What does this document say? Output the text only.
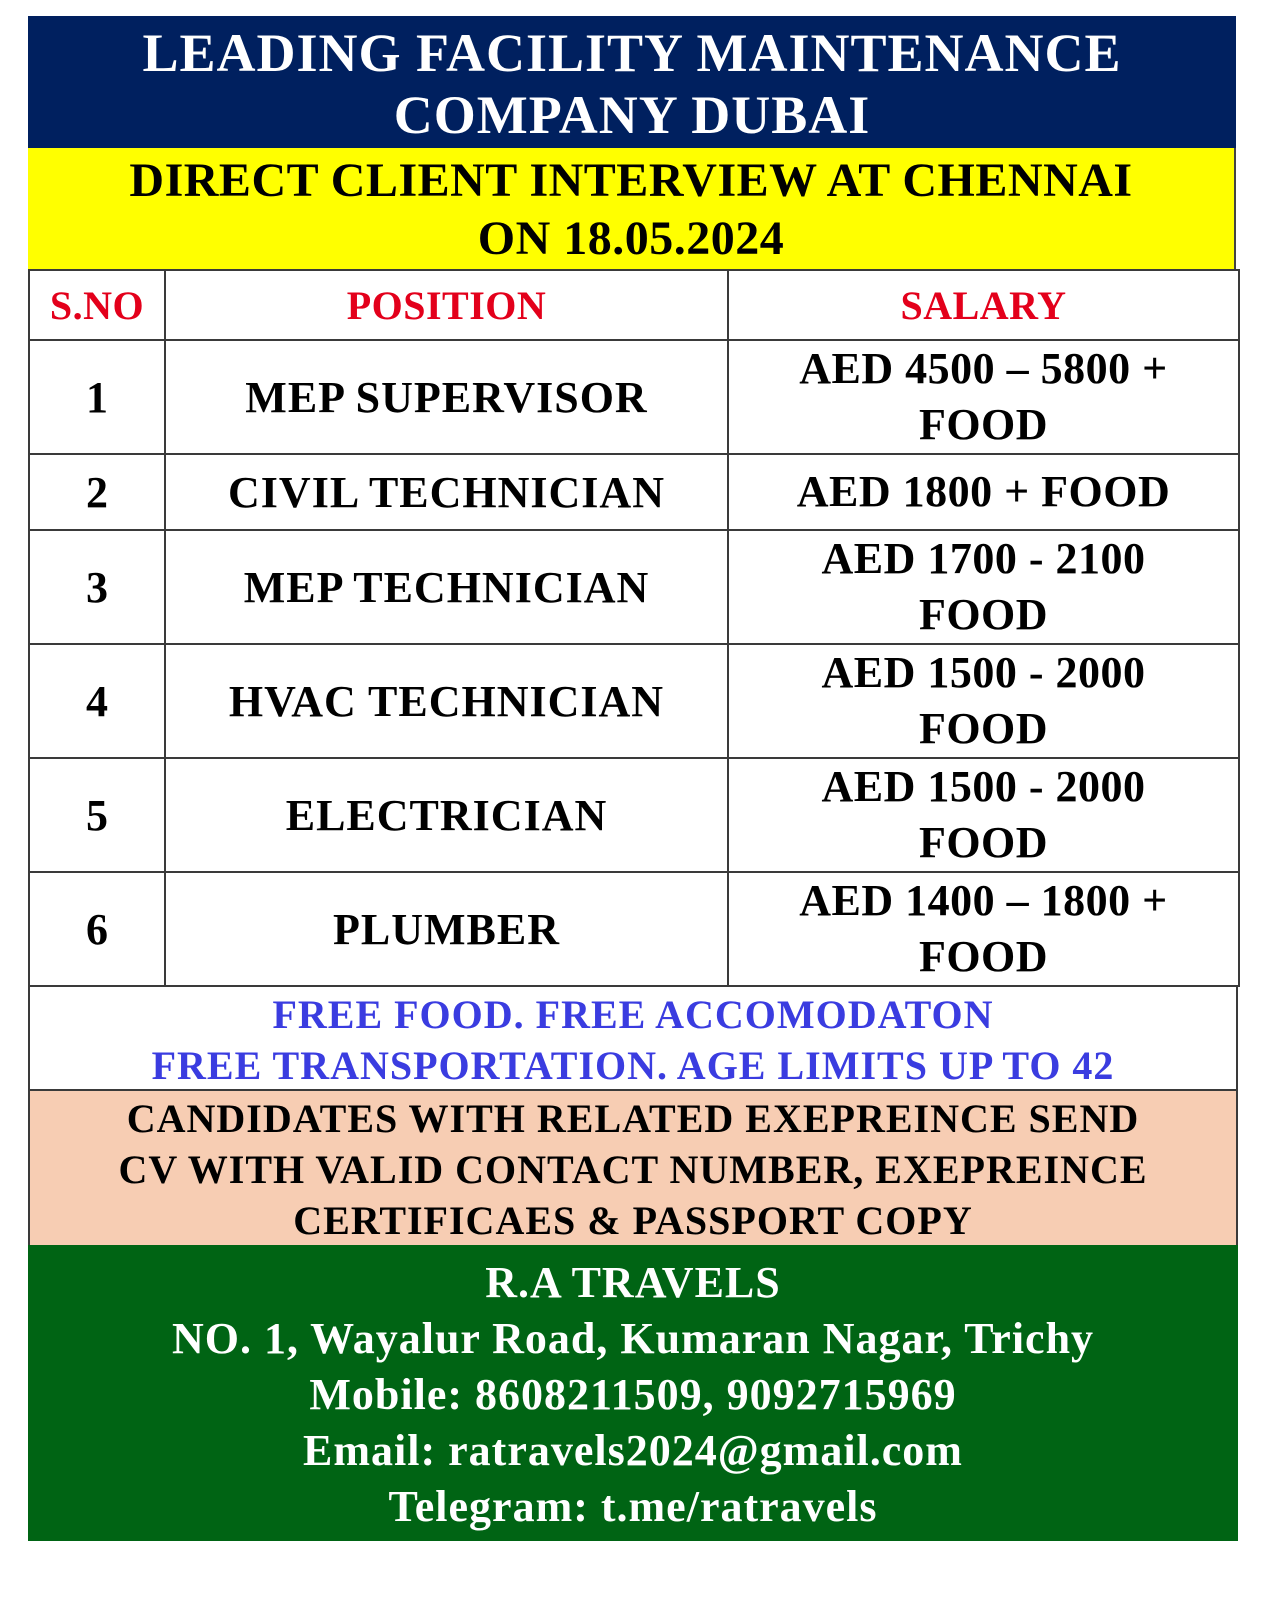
LEADING FACILITY MAINTENANCE
COMPANY DUBAI
DIRECT CLIENT INTERVIEW AT CHENNAI
ON 18.05.2024
S.NO	POSITION	SALARY
1	MEP SUPERVISOR	AED 4500 – 5800 +
FOOD

2	CIVIL TECHNICIAN	AED 1800 + FOOD

3	MEP TECHNICIAN	AED 1700 - 2100
FOOD

4	HVAC TECHNICIAN	AED 1500 - 2000
FOOD

5	ELECTRICIAN	AED 1500 - 2000
FOOD

6	PLUMBER	AED 1400 – 1800 +
FOOD
FREE FOOD. FREE ACCOMODATON
FREE TRANSPORTATION. AGE LIMITS UP TO 42
CANDIDATES WITH RELATED EXEPREINCE SEND
CV WITH VALID CONTACT NUMBER, EXEPREINCE
CERTIFICAES & PASSPORT COPY
R.A TRAVELS
NO. 1, Wayalur Road, Kumaran Nagar, Trichy
Mobile: 8608211509, 9092715969
Email: ratravels2024@gmail.com
Telegram: t.me/ratravels
